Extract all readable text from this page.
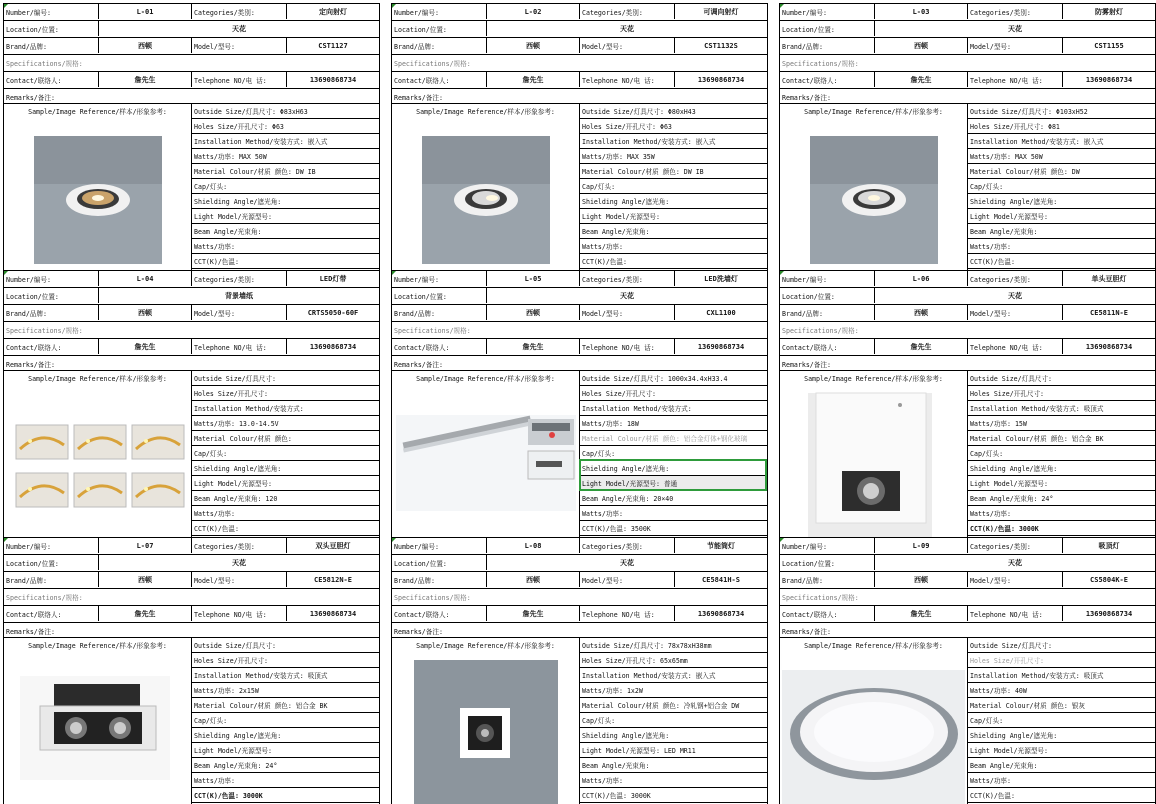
Number/编号:	L-01	Categories/类别:	定向射灯
Location/位置:	天花
Brand/品牌:	西顿	Model/型号:	CST1127
Specifications/规格:
Contact/联络人:	詹先生	Telephone NO/电 话:	13690868734
Remarks/备注:
Sample/Image Reference/样本/形象参考:	Outside Size/灯具尺寸: Φ83xH63
Holes Size/开孔尺寸: Φ63
Installation Method/安装方式: 嵌入式
Watts/功率: MAX 50W
Material Colour/材质 颜色: DW IB
Cap/灯头:
Shielding Angle/遮光角:
Light Model/光源型号:
Beam Angle/光束角:
Watts/功率:
CCT(K)/色温:
Number/编号:	L-02	Categories/类别:	可调向射灯
Location/位置:	天花
Brand/品牌:	西顿	Model/型号:	CST1132S
Specifications/规格:
Contact/联络人:	詹先生	Telephone NO/电 话:	13690868734
Remarks/备注:
Sample/Image Reference/样本/形象参考:	Outside Size/灯具尺寸: Φ80xH43
Holes Size/开孔尺寸: Φ63
Installation Method/安装方式: 嵌入式
Watts/功率: MAX 35W
Material Colour/材质 颜色: DW IB
Cap/灯头:
Shielding Angle/遮光角:
Light Model/光源型号:
Beam Angle/光束角:
Watts/功率:
CCT(K)/色温:
Number/编号:	L-03	Categories/类别:	防雾射灯
Location/位置:	天花
Brand/品牌:	西顿	Model/型号:	CST1155
Specifications/规格:
Contact/联络人:	詹先生	Telephone NO/电 话:	13690868734
Remarks/备注:
Sample/Image Reference/样本/形象参考:	Outside Size/灯具尺寸: Φ103xH52
Holes Size/开孔尺寸: Φ81
Installation Method/安装方式: 嵌入式
Watts/功率: MAX 50W
Material Colour/材质 颜色: DW
Cap/灯头:
Shielding Angle/遮光角:
Light Model/光源型号:
Beam Angle/光束角:
Watts/功率:
CCT(K)/色温:
Number/编号:	L-04	Categories/类别:	LED灯带
Location/位置:	背景墙纸
Brand/品牌:	西顿	Model/型号:	CRTS5050-60F
Specifications/规格:
Contact/联络人:	詹先生	Telephone NO/电 话:	13690868734
Remarks/备注:
Sample/Image Reference/样本/形象参考:	Outside Size/灯具尺寸:
Holes Size/开孔尺寸:
Installation Method/安装方式:
Watts/功率: 13.0-14.5V
Material Colour/材质 颜色:
Cap/灯头:
Shielding Angle/遮光角:
Light Model/光源型号:
Beam Angle/光束角: 120
Watts/功率:
CCT(K)/色温:
Number/编号:	L-05	Categories/类别:	LED洗墙灯
Location/位置:	天花
Brand/品牌:	西顿	Model/型号:	CXL1100
Specifications/规格:
Contact/联络人:	詹先生	Telephone NO/电 话:	13690868734
Remarks/备注:
Sample/Image Reference/样本/形象参考:	Outside Size/灯具尺寸: 1000x34.4xH33.4
Holes Size/开孔尺寸:
Installation Method/安装方式:
Watts/功率: 18W
Material Colour/材质 颜色: 铝合金灯体+钢化玻璃
Cap/灯头:
Shielding Angle/遮光角:
Light Model/光源型号: 普通
Beam Angle/光束角: 20×40
Watts/功率:
CCT(K)/色温: 3500K
Number/编号:	L-06	Categories/类别:	单头豆胆灯
Location/位置:	天花
Brand/品牌:	西顿	Model/型号:	CE5811N-E
Specifications/规格:
Contact/联络人:	詹先生	Telephone NO/电 话:	13690868734
Remarks/备注:
Sample/Image Reference/样本/形象参考:	Outside Size/灯具尺寸:
Holes Size/开孔尺寸:
Installation Method/安装方式: 吸顶式
Watts/功率: 15W
Material Colour/材质 颜色: 铝合金 BK
Cap/灯头:
Shielding Angle/遮光角:
Light Model/光源型号:
Beam Angle/光束角: 24°
Watts/功率:
CCT(K)/色温: 3000K
Number/编号:	L-07	Categories/类别:	双头豆胆灯
Location/位置:	天花
Brand/品牌:	西顿	Model/型号:	CE5812N-E
Specifications/规格:
Contact/联络人:	詹先生	Telephone NO/电 话:	13690868734
Remarks/备注:
Sample/Image Reference/样本/形象参考:	Outside Size/灯具尺寸:
Holes Size/开孔尺寸:
Installation Method/安装方式: 吸顶式
Watts/功率: 2x15W
Material Colour/材质 颜色: 铝合金 BK
Cap/灯头:
Shielding Angle/遮光角:
Light Model/光源型号:
Beam Angle/光束角: 24°
Watts/功率:
CCT(K)/色温: 3000K
Number/编号:	L-08	Categories/类别:	节能筒灯
Location/位置:	天花
Brand/品牌:	西顿	Model/型号:	CE5841H-S
Specifications/规格:
Contact/联络人:	詹先生	Telephone NO/电 话:	13690868734
Remarks/备注:
Sample/Image Reference/样本/形象参考:	Outside Size/灯具尺寸: 78x78xH38mm
Holes Size/开孔尺寸: 65x65mm
Installation Method/安装方式: 嵌入式
Watts/功率: 1x2W
Material Colour/材质 颜色: 冷轧钢+铝合金 DW
Cap/灯头:
Shielding Angle/遮光角:
Light Model/光源型号: LED MR11
Beam Angle/光束角:
Watts/功率:
CCT(K)/色温: 3000K
Number/编号:	L-09	Categories/类别:	吸顶灯
Location/位置:	天花
Brand/品牌:	西顿	Model/型号:	CS5804K-E
Specifications/规格:
Contact/联络人:	詹先生	Telephone NO/电 话:	13690868734
Remarks/备注:
Sample/Image Reference/样本/形象参考:	Outside Size/灯具尺寸:
Holes Size/开孔尺寸:
Installation Method/安装方式: 吸顶式
Watts/功率: 40W
Material Colour/材质 颜色: 银灰
Cap/灯头:
Shielding Angle/遮光角:
Light Model/光源型号:
Beam Angle/光束角:
Watts/功率:
CCT(K)/色温:
